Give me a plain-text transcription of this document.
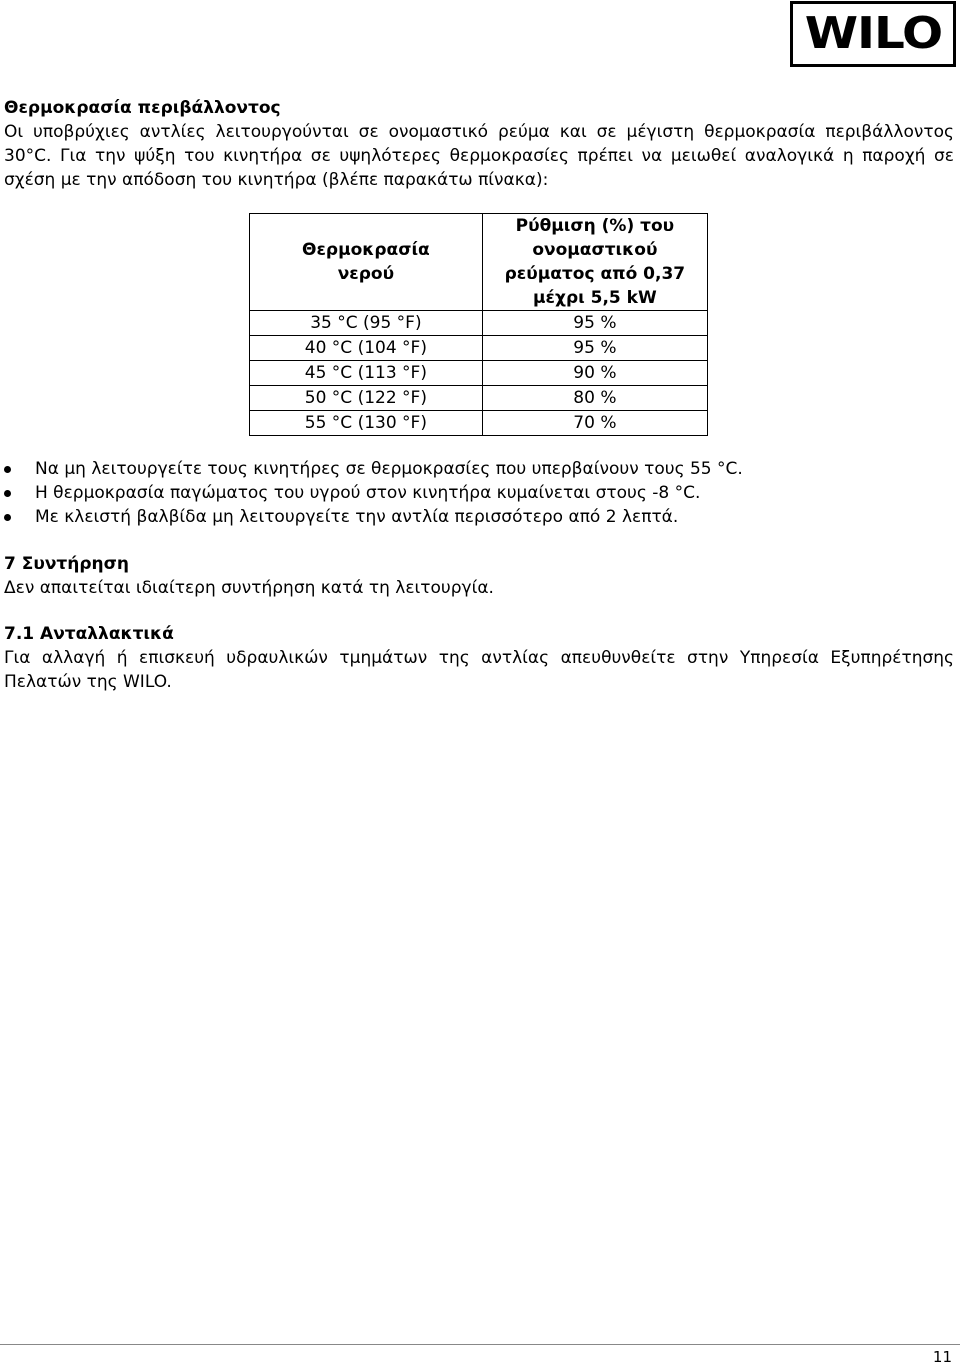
WILO

Θερμοκρασία περιβάλλοντος

Οι υποβρύχιες αντλίες λειτουργούνται σε ονομαστικό ρεύμα και σε μέγιστη θερμοκρασία περιβάλλοντος 30°C. Για την ψύξη του κινητήρα σε υψηλότερες θερμοκρασίες πρέπει να μειωθεί αναλογικά η παροχή σε σχέση με την απόδοση του κινητήρα (βλέπε παρακάτω πίνακα):

Θερμοκρασία νερού	Ρύθμιση (%) του ονομαστικού ρεύματος από 0,37 μέχρι 5,5 kW

35 °C (95 °F)	95 %
40 °C (104 °F)	95 %
45 °C (113 °F)	90 %
50 °C (122 °F)	80 %
55 °C (130 °F)	70 %
Να μη λειτουργείτε τους κινητήρες σε θερμοκρασίες που υπερβαίνουν τους 55 °C.
Η θερμοκρασία παγώματος του υγρού στον κινητήρα κυμαίνεται στους -8 °C.
Με κλειστή βαλβίδα μη λειτουργείτε την αντλία περισσότερο από 2 λεπτά.

7 Συντήρηση

Δεν απαιτείται ιδιαίτερη συντήρηση κατά τη λειτουργία.

7.1 Ανταλλακτικά

Για αλλαγή ή επισκευή υδραυλικών τμημάτων της αντλίας απευθυνθείτε στην Υπηρεσία Εξυπηρέτησης Πελατών της WILO.

11
